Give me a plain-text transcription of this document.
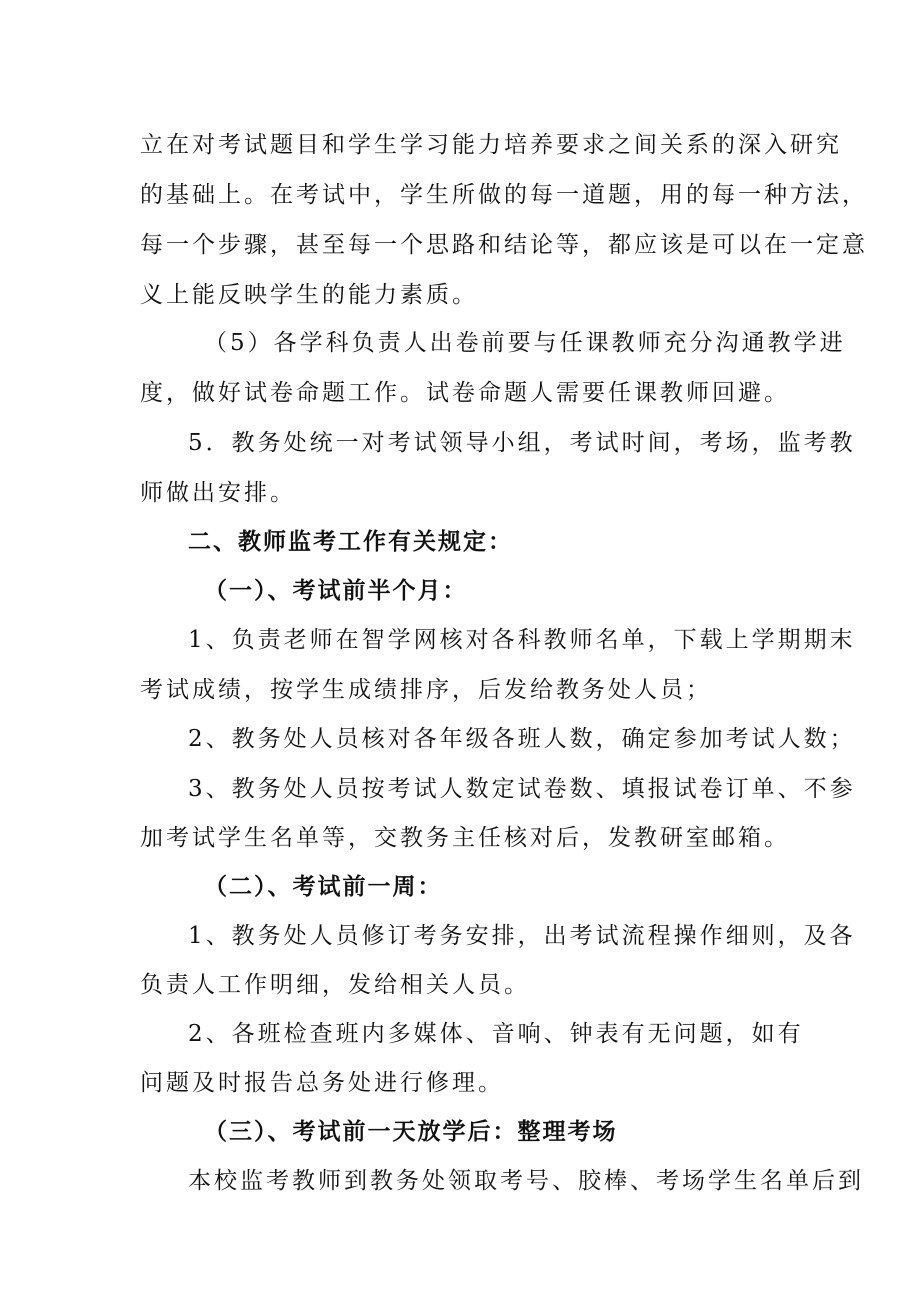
立在对考试题目和学生学习能力培养要求之间关系的深入研究
的基础上。在考试中，学生所做的每一道题，用的每一种方法，
每一个步骤，甚至每一个思路和结论等，都应该是可以在一定意
义上能反映学生的能力素质。
（5）各学科负责人出卷前要与任课教师充分沟通教学进
度，做好试卷命题工作。试卷命题人需要任课教师回避。
5．教务处统一对考试领导小组，考试时间，考场，监考教
师做出安排。
二、教师监考工作有关规定：
（一）、考试前半个月：
1、负责老师在智学网核对各科教师名单，下载上学期期末
考试成绩，按学生成绩排序，后发给教务处人员；
2、教务处人员核对各年级各班人数，确定参加考试人数；
3、教务处人员按考试人数定试卷数、填报试卷订单、不参
加考试学生名单等，交教务主任核对后，发教研室邮箱。
（二）、考试前一周：
1、教务处人员修订考务安排，出考试流程操作细则，及各
负责人工作明细，发给相关人员。
2、各班检查班内多媒体、音响、钟表有无问题，如有
问题及时报告总务处进行修理。
（三）、考试前一天放学后：整理考场
本校监考教师到教务处领取考号、胶棒、考场学生名单后到
